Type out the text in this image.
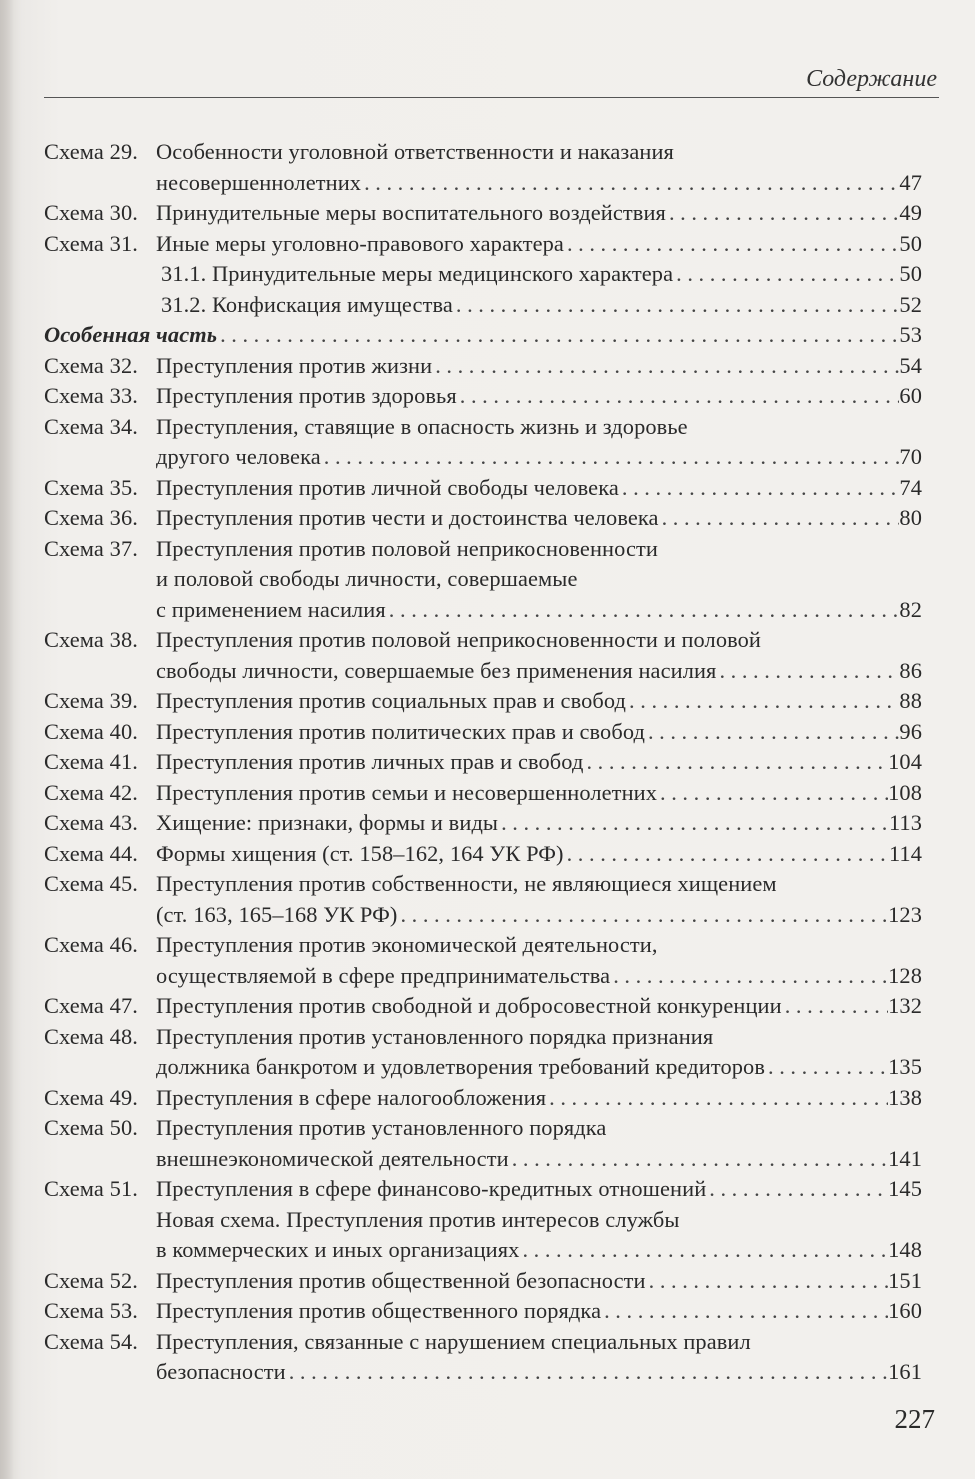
Содержание
Схема 29. Особенности уголовной ответственности и наказания
несовершеннолетних . . .	47
Схема 30. Принудительные меры воспитательного воздействия . . .	49
Схема 31. Иные меры уголовно-правового характера . . .	50
31.1. Принудительные меры медицинского характера . . .	50
31.2. Конфискация имущества . . .	52
Особенная часть . . .	53
Схема 32. Преступления против жизни . . .	54
Схема 33. Преступления против здоровья . . .	60
Схема 34. Преступления, ставящие в опасность жизнь и здоровье
другого человека . . .	70
Схема 35. Преступления против личной свободы человека . . .	74
Схема 36. Преступления против чести и достоинства человека . . .	80
Схема 37. Преступления против половой неприкосновенности
и половой свободы личности, совершаемые
с применением насилия . . .	82
Схема 38. Преступления против половой неприкосновенности и половой
свободы личности, совершаемые без применения насилия . . .	86
Схема 39. Преступления против социальных прав и свобод . . .	88
Схема 40. Преступления против политических прав и свобод . . .	96
Схема 41. Преступления против личных прав и свобод . . .	104
Схема 42. Преступления против семьи и несовершеннолетних . . .	108
Схема 43. Хищение: признаки, формы и виды . . .	113
Схема 44. Формы хищения (ст. 158–162, 164 УК РФ) . . .	114
Схема 45. Преступления против собственности, не являющиеся хищением
(ст. 163, 165–168 УК РФ) . . .	123
Схема 46. Преступления против экономической деятельности,
осуществляемой в сфере предпринимательства . . .	128
Схема 47. Преступления против свободной и добросовестной конкуренции . . .	132
Схема 48. Преступления против установленного порядка признания
должника банкротом и удовлетворения требований кредиторов . . .	135
Схема 49. Преступления в сфере налогообложения . . .	138
Схема 50. Преступления против установленного порядка
внешнеэкономической деятельности . . .	141
Схема 51. Преступления в сфере финансово-кредитных отношений . . .	145
Новая схема. Преступления против интересов службы
в коммерческих и иных организациях . . .	148
Схема 52. Преступления против общественной безопасности . . .	151
Схема 53. Преступления против общественного порядка . . .	160
Схема 54. Преступления, связанные с нарушением специальных правил
безопасности . . .	161
227
